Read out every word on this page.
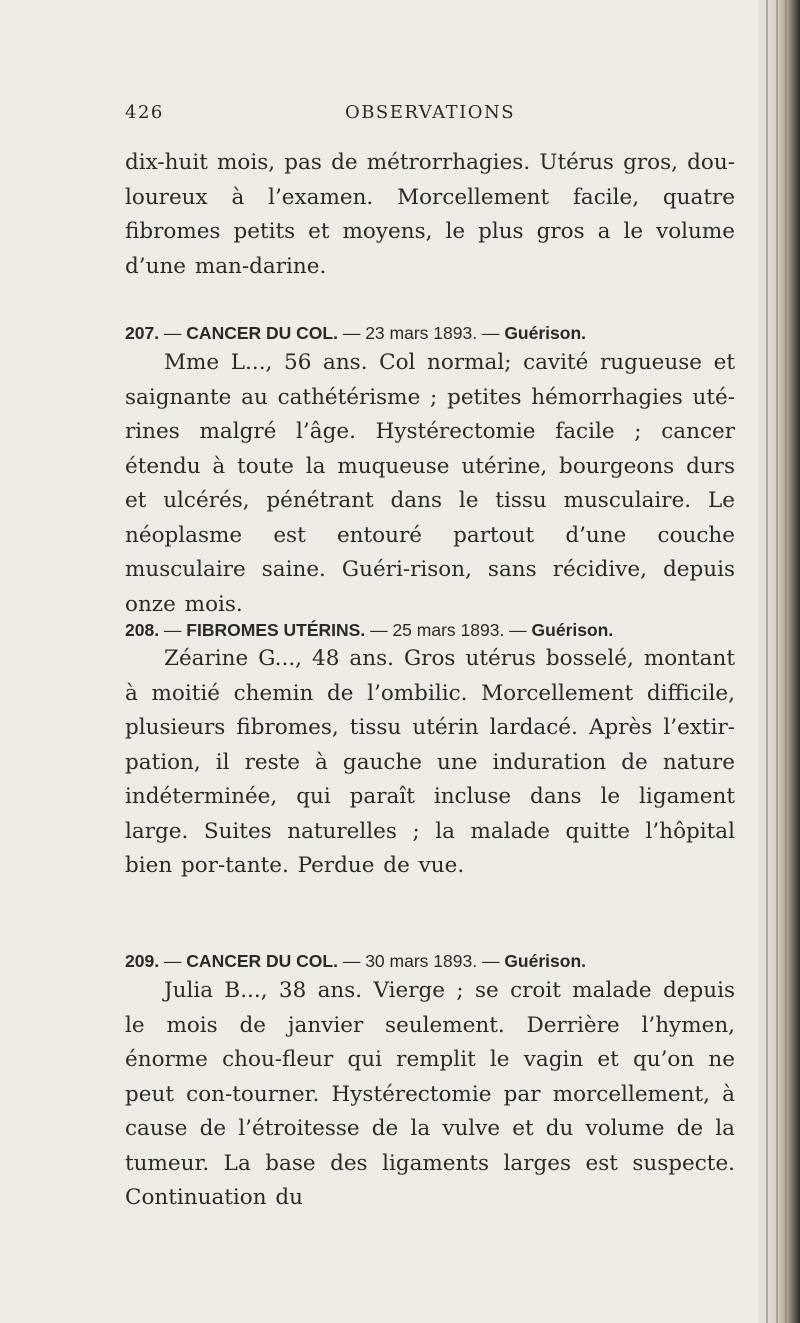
426	OBSERVATIONS

dix-huit mois, pas de métrorrhagies. Utérus gros, dou-loureux à l’examen. Morcellement facile, quatre fibromes petits et moyens, le plus gros a le volume d’une man-darine.

207. — CANCER DU COL. — 23 mars 1893. — Guérison.

Mme L..., 56 ans. Col normal; cavité rugueuse et saignante au cathétérisme ; petites hémorrhagies uté-rines malgré l’âge. Hystérectomie facile ; cancer étendu à toute la muqueuse utérine, bourgeons durs et ulcérés, pénétrant dans le tissu musculaire. Le néoplasme est entouré partout d’une couche musculaire saine. Guéri-rison, sans récidive, depuis onze mois.

208. — FIBROMES UTÉRINS. — 25 mars 1893. — Guérison.

Zéarine G..., 48 ans. Gros utérus bosselé, montant à moitié chemin de l’ombilic. Morcellement difficile, plusieurs fibromes, tissu utérin lardacé. Après l’extir-pation, il reste à gauche une induration de nature indéterminée, qui paraît incluse dans le ligament large. Suites naturelles ; la malade quitte l’hôpital bien por-tante. Perdue de vue.

209. — CANCER DU COL. — 30 mars 1893. — Guérison.

Julia B..., 38 ans. Vierge ; se croit malade depuis le mois de janvier seulement. Derrière l’hymen, énorme chou-fleur qui remplit le vagin et qu’on ne peut con-tourner. Hystérectomie par morcellement, à cause de l’étroitesse de la vulve et du volume de la tumeur. La base des ligaments larges est suspecte. Continuation du
